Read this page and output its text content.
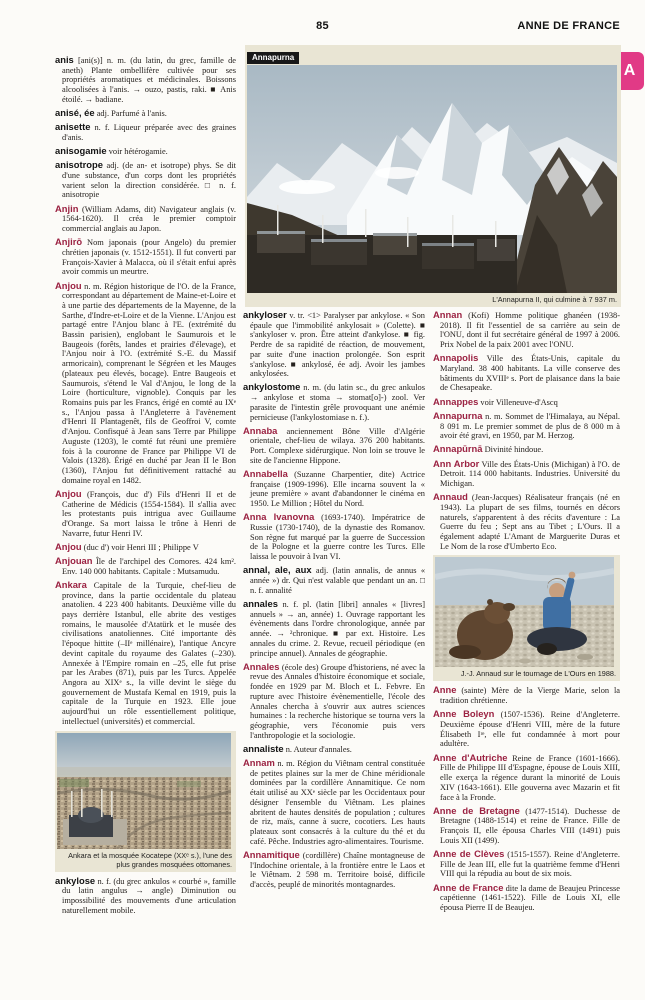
85	ANNE DE FRANCE
A
Annapurna
L'Annapurna II, qui culmine à 7 937 m.

anis [ani(s)] n. m. (du latin, du grec, famille de aneth) Plante ombellifère cultivée pour ses propriétés aromatiques et médicinales. Boissons alcoolisées à l'anis. → ouzo, pastis, raki. ■ Anis étoilé. → badiane.

anisé, ée adj. Parfumé à l'anis.

anisette n. f. Liqueur préparée avec des graines d'anis.

anisogamie voir hétérogamie.

anisotrope adj. (de an- et isotrope) phys. Se dit d'une substance, d'un corps dont les propriétés varient selon la direction considérée. □ n. f. anisotropie

Anjin (William Adams, dit) Navigateur anglais (v. 1564-1620). Il créa le premier comptoir commercial anglais au Japon.

Anjirō Nom japonais (pour Angelo) du premier chrétien japonais (v. 1512-1551). Il fut converti par François-Xavier à Malacca, où il s'était enfui après avoir commis un meurtre.

Anjou n. m. Région historique de l'O. de la France, correspondant au département de Maine-et-Loire et à une partie des départements de la Mayenne, de la Sarthe, d'Indre-et-Loire et de la Vienne. L'Anjou est partagé entre l'Anjou blanc à l'E. (extrémité du Bassin parisien), englobant le Saumurois et le Baugeois (forêts, landes et prairies d'élevage), et l'Anjou noir à l'O. (extrémité S.-E. du Massif armoricain), comprenant le Ségréen et les Mauges (plateaux peu élevés, bocage). Entre Baugeois et Saumurois, s'étend le Val d'Anjou, le long de la Loire (horticulture, vignoble). Conquis par les Romains puis par les Francs, érigé en comté au IXᵉ s., l'Anjou passa à l'Angleterre à l'avènement d'Henri II Plantagenêt, fils de Geoffroi V, comte d'Anjou. Confisqué à Jean sans Terre par Philippe Auguste (1203), le comté fut réuni une première fois à la couronne de France par Philippe VI de Valois (1328). Érigé en duché par Jean II le Bon (1360), l'Anjou fut définitivement rattaché au domaine royal en 1482.

Anjou (François, duc d') Fils d'Henri II et de Catherine de Médicis (1554-1584). Il s'allia avec les protestants puis intrigua avec Guillaume d'Orange. Sa mort laissa le trône à Henri de Navarre, futur Henri IV.

Anjou (duc d') voir Henri III ; Philippe V

Anjouan Île de l'archipel des Comores. 424 km². Env. 140 000 habitants. Capitale : Mutsamudu.

Ankara Capitale de la Turquie, chef-lieu de province, dans la partie occidentale du plateau anatolien. 4 223 400 habitants. Deuxième ville du pays derrière Istanbul, elle abrite des vestiges romains, le mausolée d'Atatürk et le musée des civilisations anatoliennes. Cité importante dès l'époque hittite (–IIᵉ millénaire), l'antique Ancyre devint capitale du royaume des Galates (–230). Annexée à l'Empire romain en –25, elle fut prise par les Arabes (871), puis par les Turcs. Appelée Angora au XIXᵉ s., la ville devint le siège du gouvernement de Mustafa Kemal en 1919, puis la capitale de la Turquie en 1923. Elle joue aujourd'hui un rôle essentiellement politique, intellectuel (universités) et commercial.

Ankara et la mosquée Kocatepe (XXᵉ s.), l'une des plus grandes mosquées ottomanes.

ankylose n. f. (du grec ankulos « courbé », famille du latin angulus → angle) Diminution ou impossibilité des mouvements d'une articulation naturellement mobile.

ankyloser v. tr. <1> Paralyser par ankylose. « Son épaule que l'immobilité ankylosait » (Colette). ■ s'ankyloser v. pron. Être atteint d'ankylose. ■ fig. Perdre de sa rapidité de réaction, de mouvement, par suite d'une inaction prolongée. Son esprit s'ankylose. ■ ankylosé, ée adj. Avoir les jambes ankylosées.

ankylostome n. m. (du latin sc., du grec ankulos → ankylose et stoma → stomat[o]-) zool. Ver parasite de l'intestin grêle provoquant une anémie pernicieuse (l'ankylostomiase n. f.).

Annaba anciennement Bône Ville d'Algérie orientale, chef-lieu de wilaya. 376 200 habitants. Port. Complexe sidérurgique. Non loin se trouve le site de l'ancienne Hippone.

Annabella (Suzanne Charpentier, dite) Actrice française (1909-1996). Elle incarna souvent la « jeune première » avant d'abandonner le cinéma en 1950. Le Million ; Hôtel du Nord.

Anna Ivanovna (1693-1740). Impératrice de Russie (1730-1740), de la dynastie des Romanov. Son règne fut marqué par la guerre de Succession de la Pologne et la guerre contre les Turcs. Elle laissa le pouvoir à Ivan VI.

annal, ale, aux adj. (latin annalis, de annus « année ») dr. Qui n'est valable que pendant un an. □ n. f. annalité

annales n. f. pl. (latin [libri] annales « [livres] annuels » → an, année) 1. Ouvrage rapportant les évènements dans l'ordre chronologique, année par année. → ²chronique. ■ par ext. Histoire. Les annales du crime. 2. Revue, recueil périodique (en principe annuel). Annales de géographie.

Annales (école des) Groupe d'historiens, né avec la revue des Annales d'histoire économique et sociale, fondée en 1929 par M. Bloch et L. Febvre. En rupture avec l'histoire évènementielle, l'école des Annales chercha à s'ouvrir aux autres sciences humaines : la recherche historique se tourna vers la géographie, vers l'économie puis vers l'anthropologie et la sociologie.

annaliste n. Auteur d'annales.

Annam n. m. Région du Viêtnam central constituée de petites plaines sur la mer de Chine méridionale dominées par la cordillère Annamitique. Ce nom était utilisé au XXᵉ siècle par les Occidentaux pour désigner l'ensemble du Viêtnam. Les plaines abritent de hautes densités de population ; cultures de riz, maïs, canne à sucre, cocotiers. Les hauts plateaux sont consacrés à la culture du thé et du café. Pêche. Industries agro-alimentaires. Tourisme.

Annamitique (cordillère) Chaîne montagneuse de l'Indochine orientale, à la frontière entre le Laos et le Viêtnam. 2 598 m. Territoire boisé, difficile d'accès, peuplé de minorités montagnardes.

Annan (Kofi) Homme politique ghanéen (1938-2018). Il fit l'essentiel de sa carrière au sein de l'ONU, dont il fut secrétaire général de 1997 à 2006. Prix Nobel de la paix 2001 avec l'ONU.

Annapolis Ville des États-Unis, capitale du Maryland. 38 400 habitants. La ville conserve des bâtiments du XVIIIᵉ s. Port de plaisance dans la baie de Chesapeake.

Annappes voir Villeneuve-d'Ascq

Annapurna n. m. Sommet de l'Himalaya, au Népal. 8 091 m. Le premier sommet de plus de 8 000 m à avoir été gravi, en 1950, par M. Herzog.

Annapūrnā Divinité hindoue.

Ann Arbor Ville des États-Unis (Michigan) à l'O. de Detroit. 114 000 habitants. Industries. Université du Michigan.

Annaud (Jean-Jacques) Réalisateur français (né en 1943). La plupart de ses films, tournés en décors naturels, s'apparentent à des récits d'aventure : La Guerre du feu ; Sept ans au Tibet ; L'Ours. Il a également adapté L'Amant de Marguerite Duras et Le Nom de la rose d'Umberto Eco.

J.-J. Annaud sur le tournage de L'Ours en 1988.

Anne (sainte) Mère de la Vierge Marie, selon la tradition chrétienne.

Anne Boleyn (1507-1536). Reine d'Angleterre. Deuxième épouse d'Henri VIII, mère de la future Élisabeth Iʳᵉ, elle fut condamnée à mort pour adultère.

Anne d'Autriche Reine de France (1601-1666). Fille de Philippe III d'Espagne, épouse de Louis XIII, elle exerça la régence durant la minorité de Louis XIV (1643-1661). Elle gouverna avec Mazarin et fit face à la Fronde.

Anne de Bretagne (1477-1514). Duchesse de Bretagne (1488-1514) et reine de France. Fille de François II, elle épousa Charles VIII (1491) puis Louis XII (1499).

Anne de Clèves (1515-1557). Reine d'Angleterre. Fille de Jean III, elle fut la quatrième femme d'Henri VIII qui la répudia au bout de six mois.

Anne de France dite la dame de Beaujeu Princesse capétienne (1461-1522). Fille de Louis XI, elle épousa Pierre II de Beaujeu.
